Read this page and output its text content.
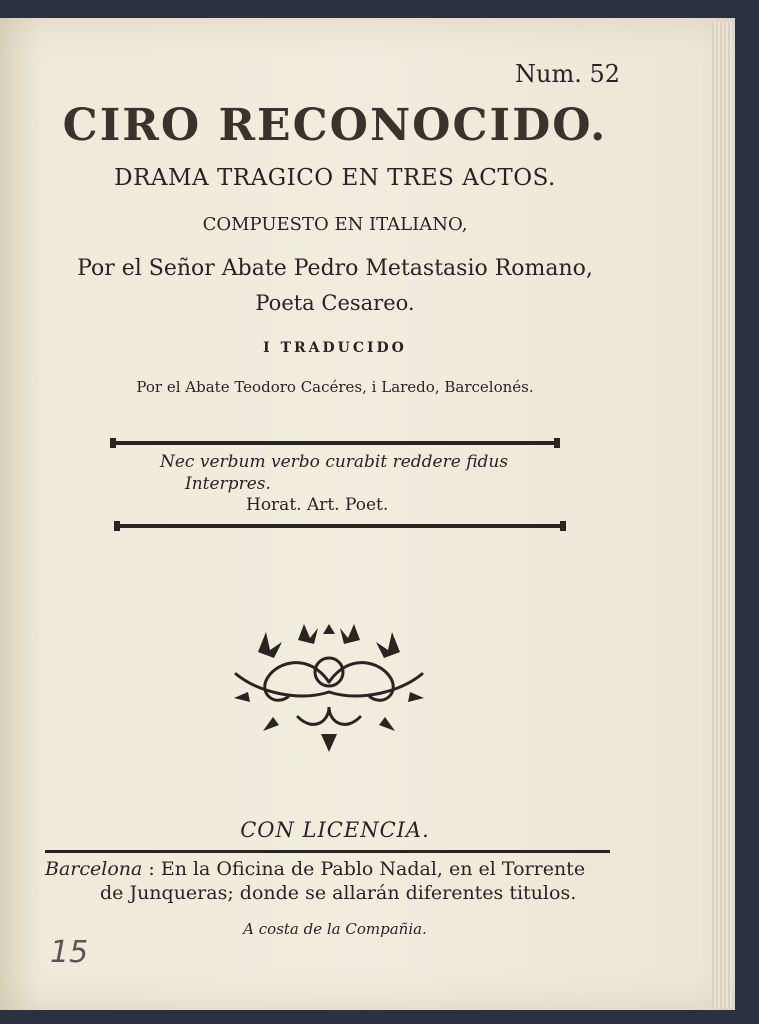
Num. 52
CIRO RECONOCIDO.
DRAMA TRAGICO EN TRES ACTOS.
COMPUESTO EN ITALIANO,
Por el Señor Abate Pedro Metastasio Romano,
Poeta Cesareo.
I TRADUCIDO
Por el Abate Teodoro Cacéres, i Laredo, Barcelonés.
Nec verbum verbo curabit reddere fidus
Interpres.
Horat. Art. Poet.
CON LICENCIA.
Barcelona : En la Oficina de Pablo Nadal, en el Torrente
de Junqueras; donde se allarán diferentes titulos.
A costa de la Compañia.
15
